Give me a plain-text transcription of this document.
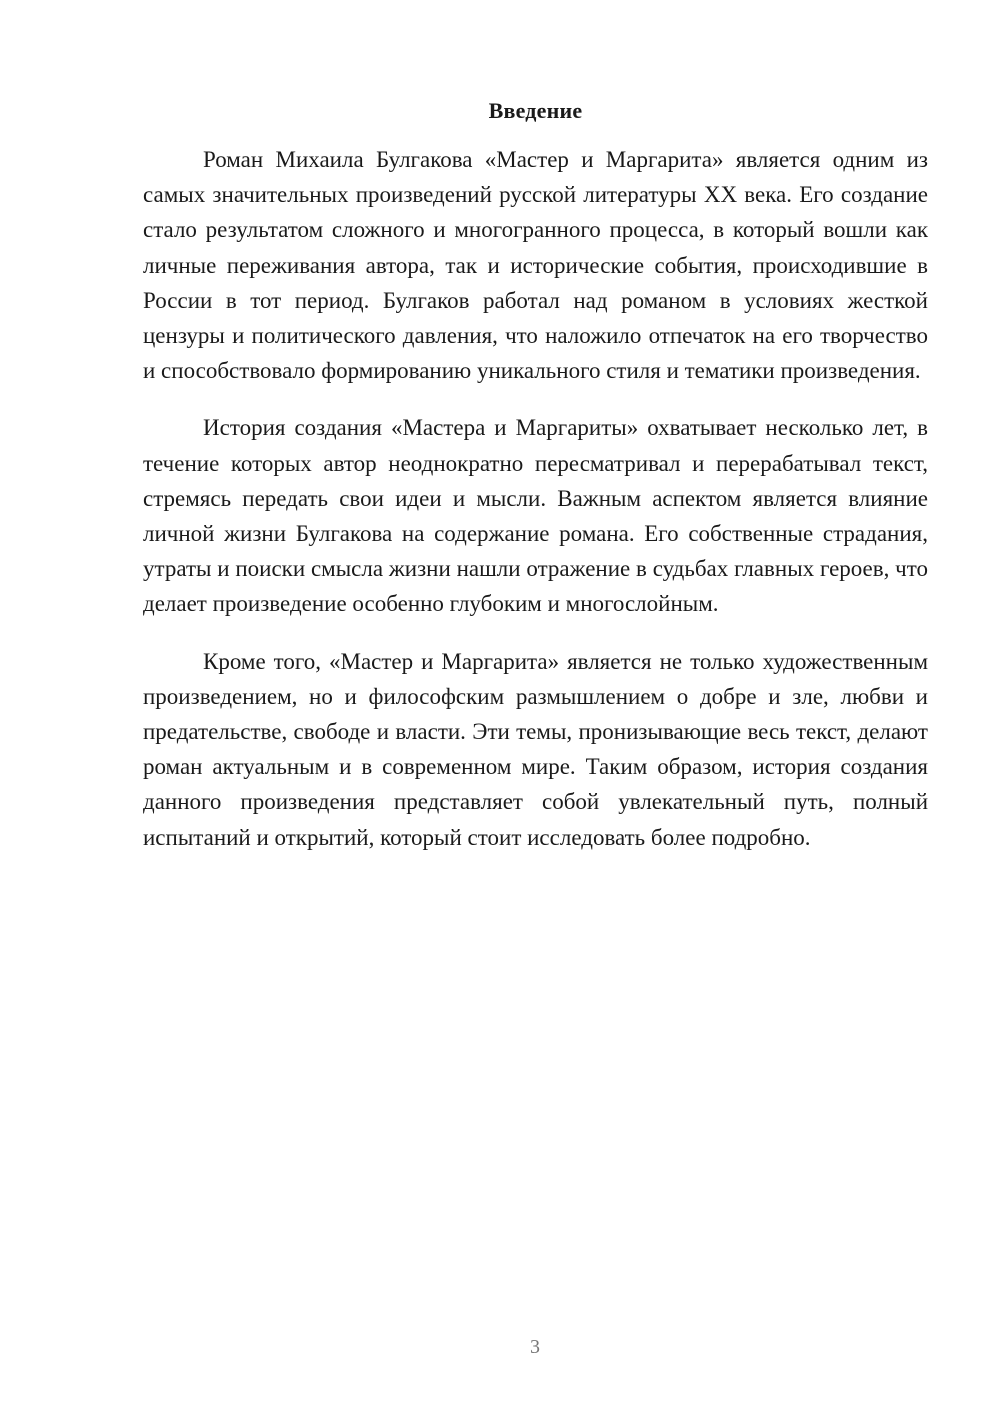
Введение

Роман Михаила Булгакова «Мастер и Маргарита» является одним из самых значительных произведений русской литературы XX века. Его создание стало результатом сложного и многогранного процесса, в который вошли как личные переживания автора, так и исторические события, происходившие в России в тот период. Булгаков работал над романом в условиях жесткой цензуры и политического давления, что наложило отпечаток на его творчество и способствовало формированию уникального стиля и тематики произведения.

История создания «Мастера и Маргариты» охватывает несколько лет, в течение которых автор неоднократно пересматривал и перерабатывал текст, стремясь передать свои идеи и мысли. Важным аспектом является влияние личной жизни Булгакова на содержание романа. Его собственные страдания, утраты и поиски смысла жизни нашли отражение в судьбах главных героев, что делает произведение особенно глубоким и многослойным.

Кроме того, «Мастер и Маргарита» является не только художественным произведением, но и философским размышлением о добре и зле, любви и предательстве, свободе и власти. Эти темы, пронизывающие весь текст, делают роман актуальным и в современном мире. Таким образом, история создания данного произведения представляет собой увлекательный путь, полный испытаний и открытий, который стоит исследовать более подробно.

3
